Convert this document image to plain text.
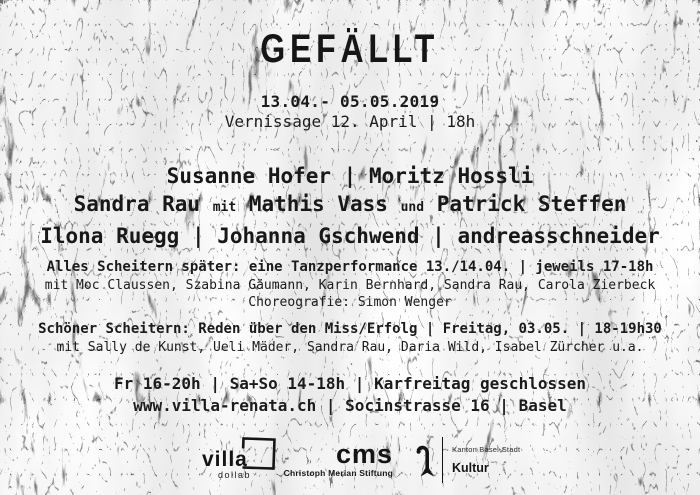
GEFÄLLT
13.04.- 05.05.2019
Vernissage 12. April | 18h
Susanne Hofer | Moritz Hossli
Sandra Rau mit Mathis Vass und Patrick Steffen
Ilona Ruegg | Johanna Gschwend | andreasschneider
Alles Scheitern später: eine Tanzperformance 13./14.04. | jeweils 17-18h
mit Moc Claussen, Szabina Gäumann, Karin Bernhard, Sandra Rau, Carola Zierbeck
Choreografie: Simon Wenger
Schöner Scheitern: Reden über den Miss/Erfolg | Freitag, 03.05. | 18-19h30
mit Sally de Kunst, Ueli Mäder, Sandra Rau, Daria Wild, Isabel Zürcher u.a.
Fr 16-20h | Sa+So 14-18h | Karfreitag geschlossen
www.villa-renata.ch | Socinstrasse 16 | Basel
villa
dollab
cms
Christoph Merian Stiftung
Kanton Basel-Stadt
Kultur
